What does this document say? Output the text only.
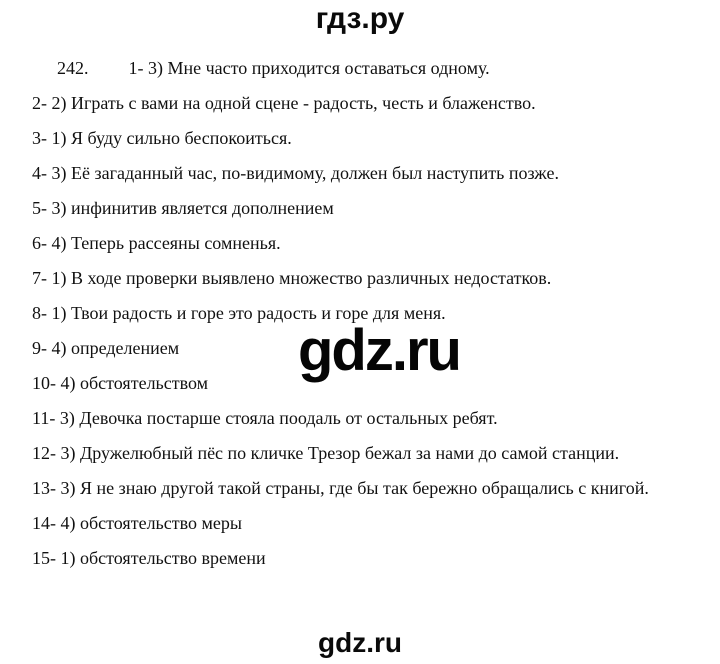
гдз.ру

242. 1- 3) Мне часто приходится оставаться одному.

2- 2) Играть с вами на одной сцене - радость, честь и блаженство.

3- 1) Я буду сильно беспокоиться.

4- 3) Её загаданный час, по-видимому, должен был наступить позже.

5- 3) инфинитив является дополнением

6- 4) Теперь рассеяны сомненья.

7- 1) В ходе проверки выявлено множество различных недостатков.

8- 1) Твои радость и горе это радость и горе для меня.

9- 4) определением

10- 4) обстоятельством

11- 3) Девочка постарше стояла поодаль от остальных ребят.

12- 3) Дружелюбный пёс по кличке Трезор бежал за нами до самой станции.

13- 3) Я не знаю другой такой страны, где бы так бережно обращались с книгой.

14- 4) обстоятельство меры

15- 1) обстоятельство времени

gdz.ru
gdz.ru
